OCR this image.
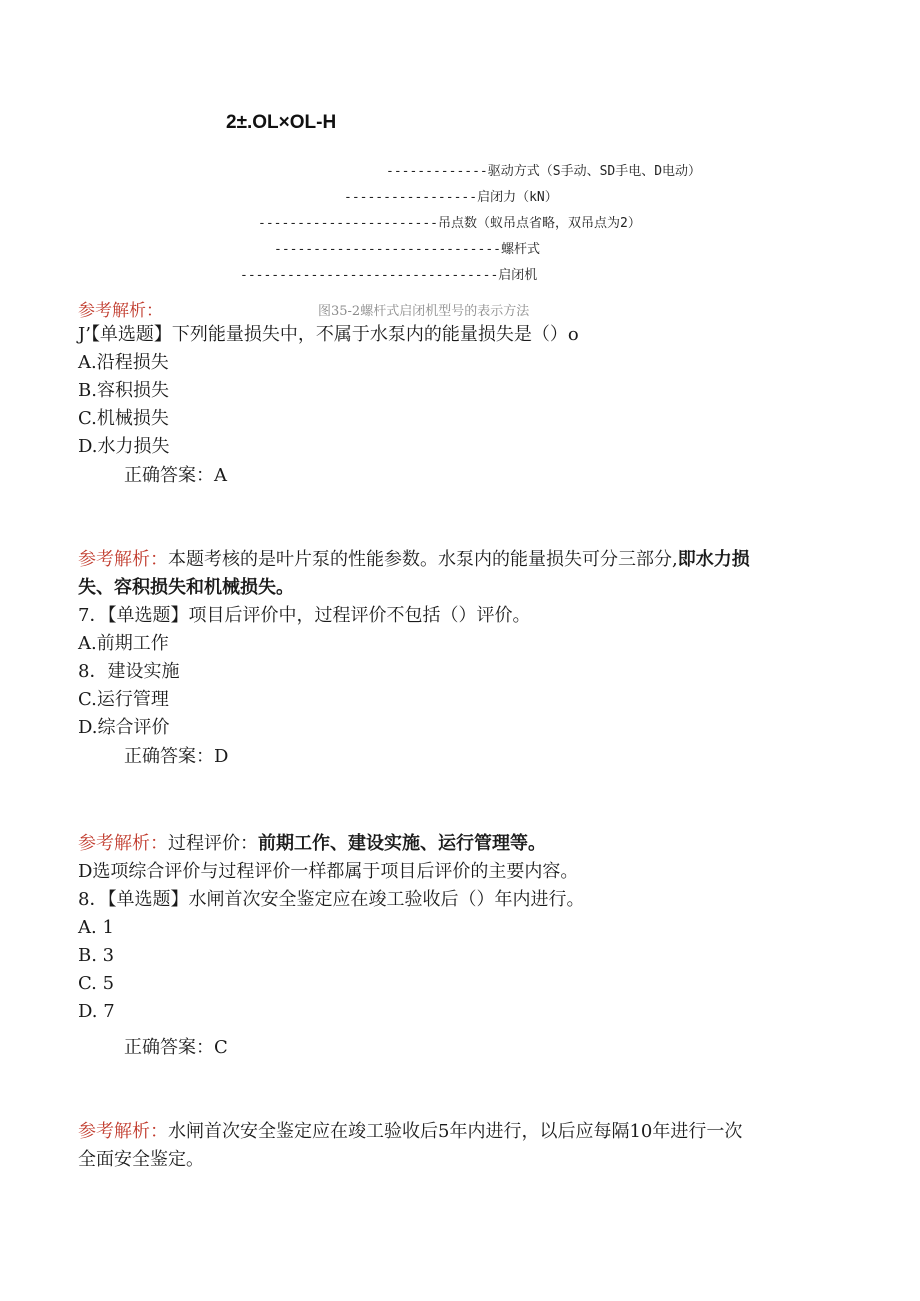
2±.OL×OL-H
-------------驱动方式（S手动、SD手电、D电动）
-----------------启闭力（kN）
-----------------------吊点数（蚁吊点省略，双吊点为2）
-----------------------------螺杆式
---------------------------------启闭机
参考解析：	图35-2螺杆式启闭机型号的表示方法
J’【单选题】下列能量损失中，不属于水泵内的能量损失是（）o
A.沿程损失
B.容积损失
C.机械损失
D.水力损失
正确答案：A
参考解析：本题考核的是叶片泵的性能参数。水泵内的能量损失可分三部分,即水力损
失、容积损失和机械损失。
7．【单选题】项目后评价中，过程评价不包括（）评价。
A.前期工作
8．建设实施
C.运行管理
D.综合评价
正确答案：D
参考解析：过程评价：前期工作、建设实施、运行管理等。
D选项综合评价与过程评价一样都属于项目后评价的主要内容。
8．【单选题】水闸首次安全鉴定应在竣工验收后（）年内进行。
A. 1
B. 3
C. 5
D. 7
正确答案：C
参考解析：水闸首次安全鉴定应在竣工验收后5年内进行，以后应每隔10年进行一次
全面安全鉴定。
